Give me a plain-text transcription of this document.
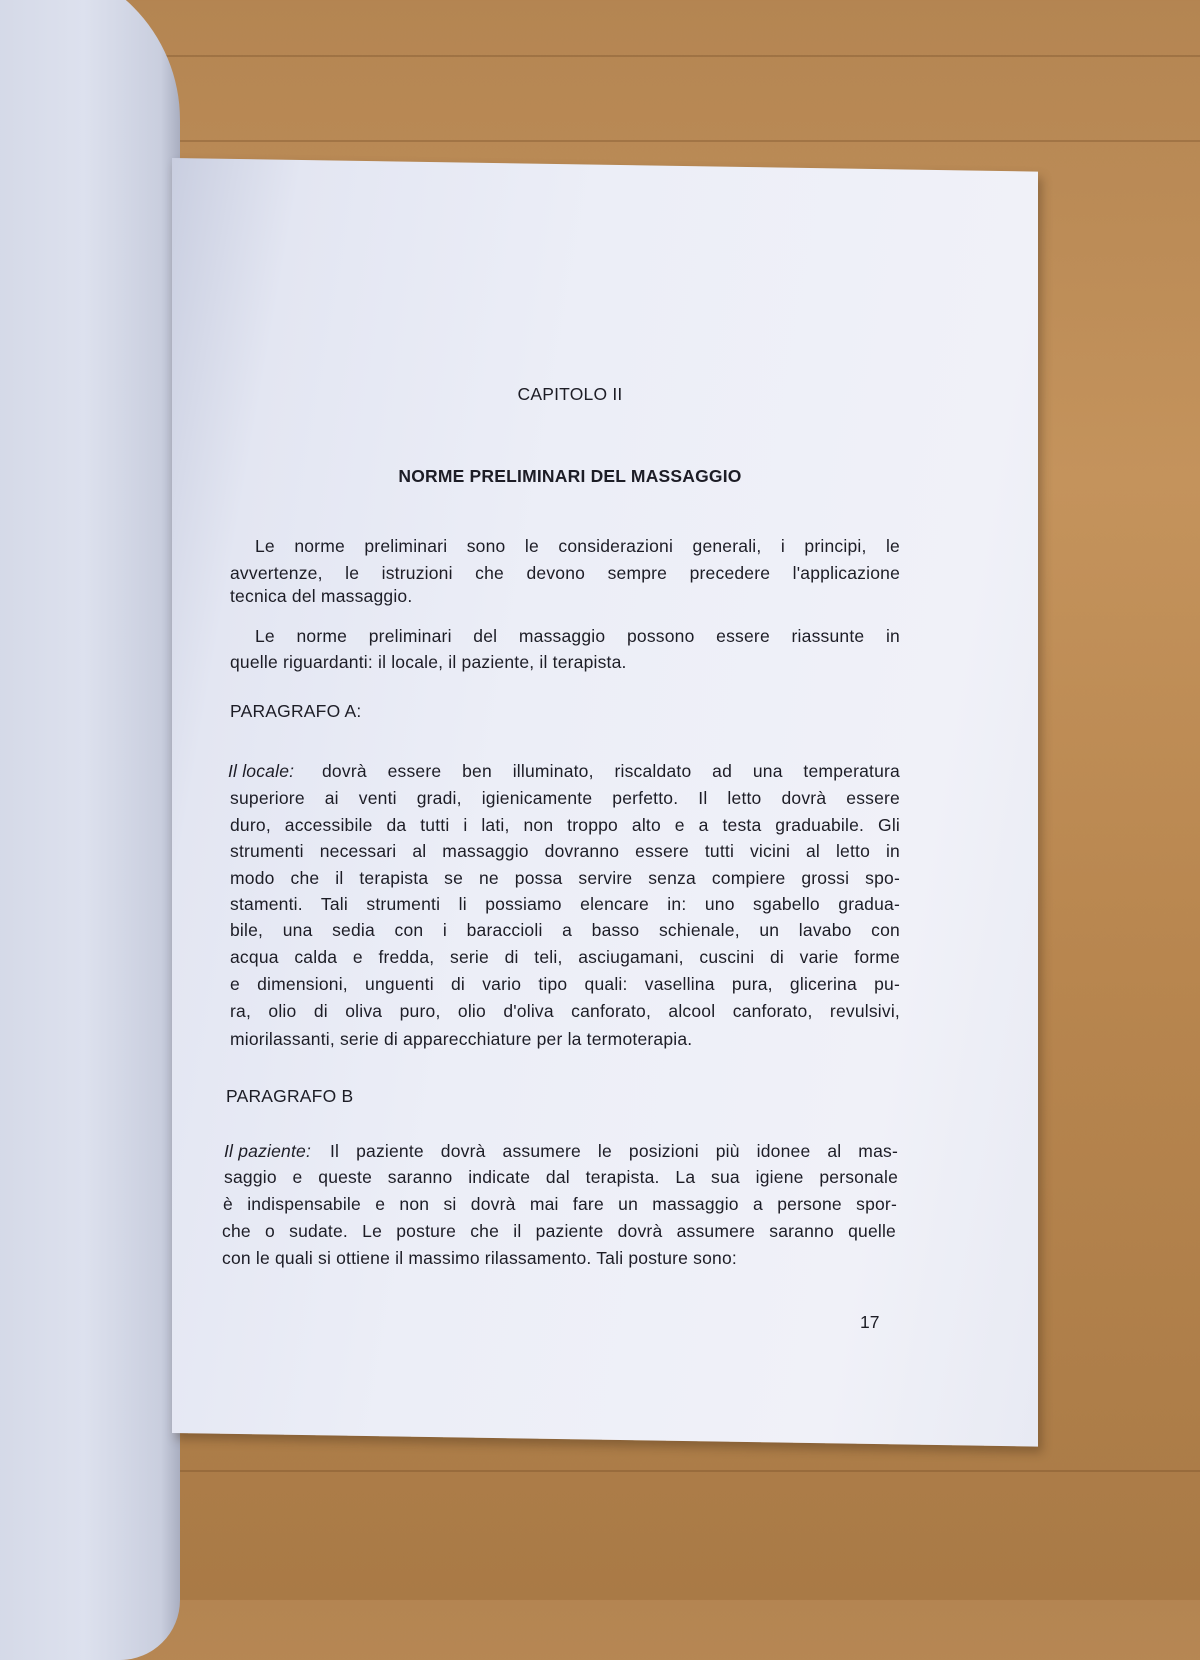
CAPITOLO II
NORME PRELIMINARI DEL MASSAGGIO
Le norme preliminari sono le considerazioni generali, i principi, le
avvertenze, le istruzioni che devono sempre precedere l'applicazione
tecnica del massaggio.
Le norme preliminari del massaggio possono essere riassunte in
quelle riguardanti: il locale, il paziente, il terapista.
PARAGRAFO A:
Il locale:	dovrà essere ben illuminato, riscaldato ad una temperatura
superiore ai venti gradi, igienicamente perfetto. Il letto dovrà essere
duro, accessibile da tutti i lati, non troppo alto e a testa graduabile. Gli
strumenti necessari al massaggio dovranno essere tutti vicini al letto in
modo che il terapista se ne possa servire senza compiere grossi spo-
stamenti. Tali strumenti li possiamo elencare in: uno sgabello gradua-
bile, una sedia con i baraccioli a basso schienale, un lavabo con
acqua calda e fredda, serie di teli, asciugamani, cuscini di varie forme
e dimensioni, unguenti di vario tipo quali: vasellina pura, glicerina pu-
ra, olio di oliva puro, olio d'oliva canforato, alcool canforato, revulsivi,
miorilassanti, serie di apparecchiature per la termoterapia.
PARAGRAFO B
Il paziente:	Il paziente dovrà assumere le posizioni più idonee al mas-
saggio e queste saranno indicate dal terapista. La sua igiene personale
è indispensabile e non si dovrà mai fare un massaggio a persone spor-
che o sudate. Le posture che il paziente dovrà assumere saranno quelle
con le quali si ottiene il massimo rilassamento. Tali posture sono:
17
